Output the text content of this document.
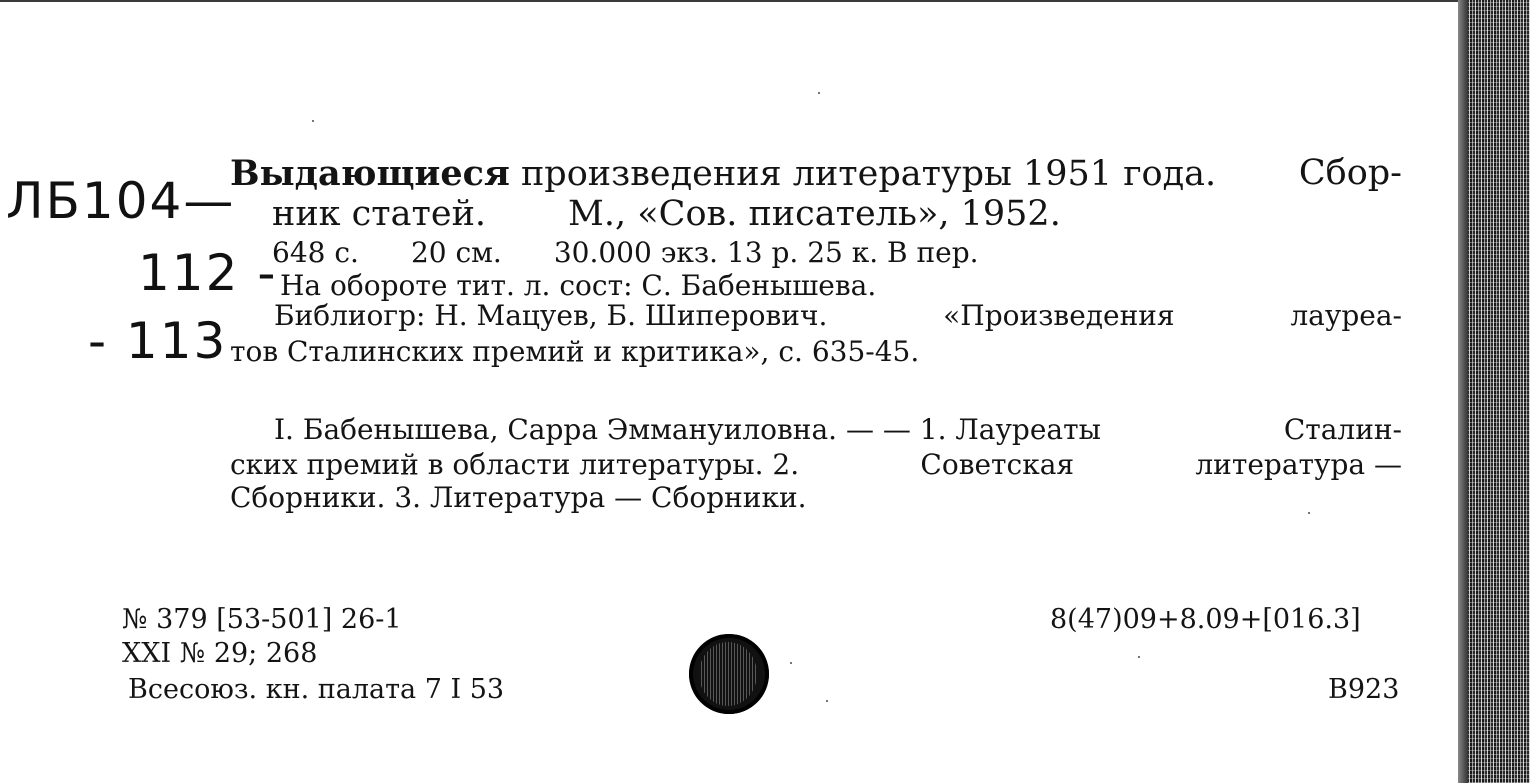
ЛБ104—
112 -
- 113
Выдающиеся произведения литературы 1951 года. Сбор-
ник статей. М., «Сов. писатель», 1952.
648 с. 20 см. 30.000 экз. 13 р. 25 к. В пер.
На обороте тит. л. сост: С. Бабенышева.
Библиогр: Н. Мацуев, Б. Шиперович.	«Произведения	лауреа-
тов Сталинских премий и критика», с. 635-45.
I. Бабенышева, Сарра Эммануиловна. — — 1. Лауреаты	Сталин-
ских премий в области литературы. 2.	Советская	литература —
Сборники. 3. Литература — Сборники.
№ 379 [53-501] 26-1
XXI № 29; 268
Всесоюз. кн. палата 7 I 53
8(47)09+8.09+[016.3]
В923
